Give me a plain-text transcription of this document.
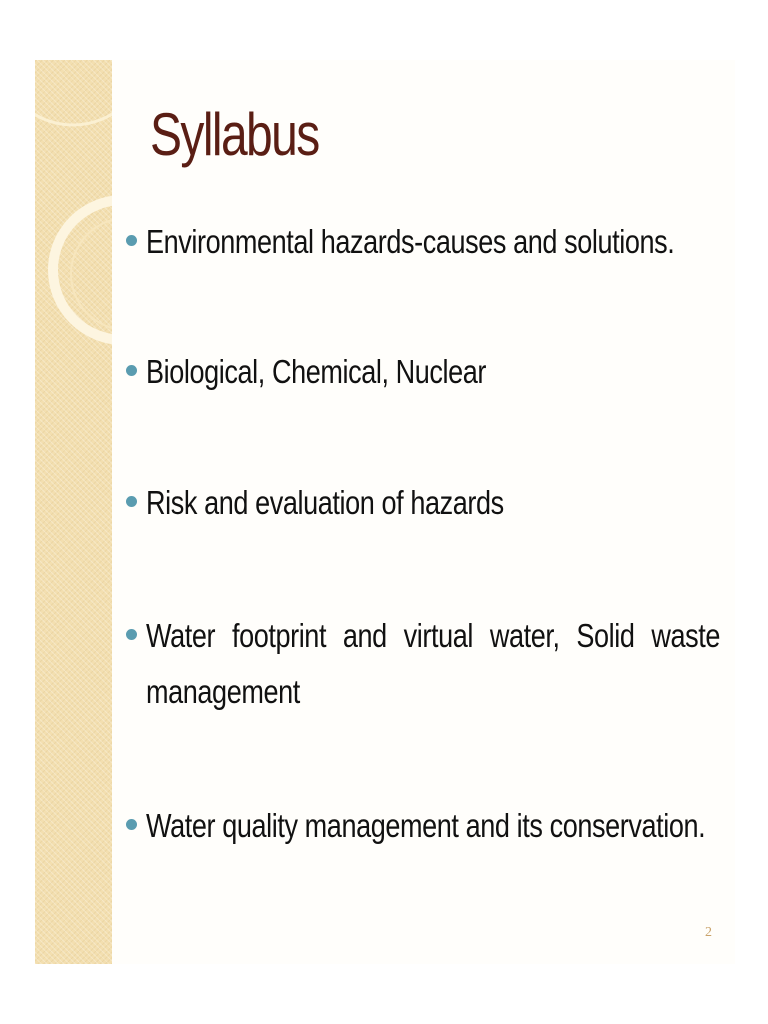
Syllabus
Environmental hazards-causes and solutions.
Biological, Chemical, Nuclear
Risk and evaluation of hazards
Water footprint and virtual water, Solid waste
management
Water quality management and its conservation.
2
